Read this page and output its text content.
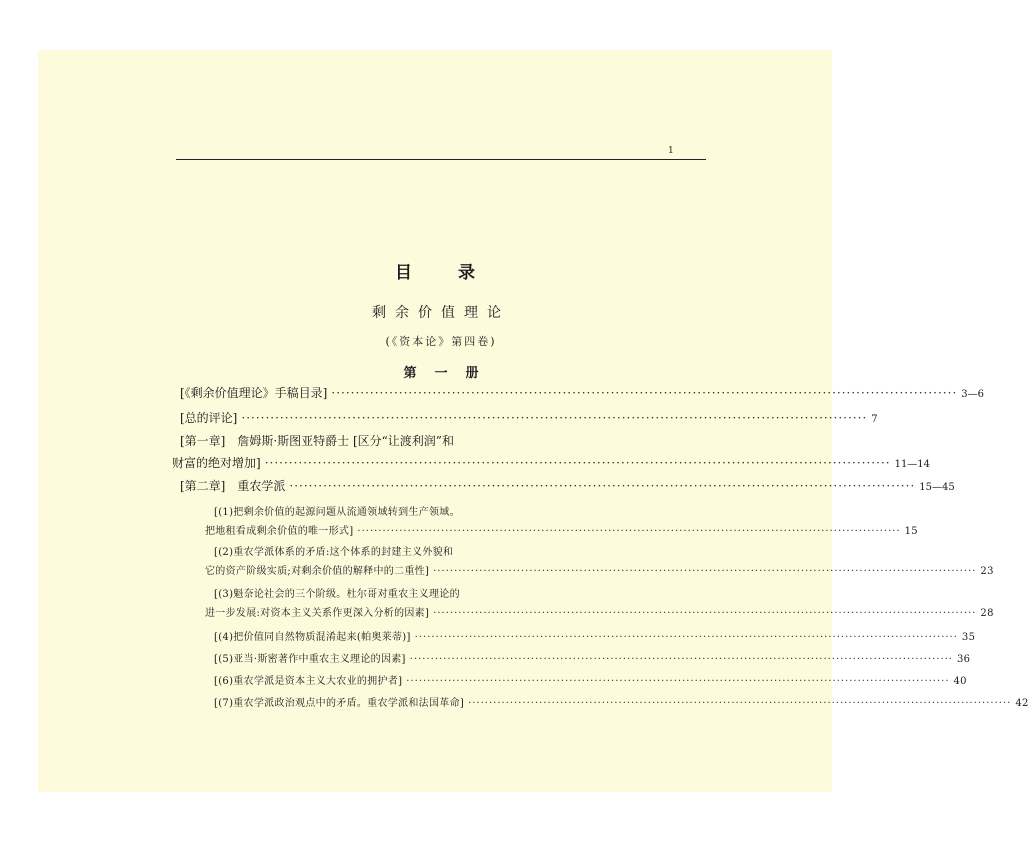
1
目录
剩余价值理论
(《资本论》第四卷)
第一册
[《剩余价值理论》手稿目录] ·································································································································· 3—6
[总的评论] ·································································································································· 7
[第一章]　詹姆斯·斯图亚特爵士 [区分“让渡利润”和
财富的绝对增加] ·································································································································· 11—14
[第二章]　重农学派 ·································································································································· 15—45
[(1)把剩余价值的起源问题从流通领域转到生产领域。
把地租看成剩余价值的唯一形式] ·································································································································· 15
[(2)重农学派体系的矛盾:这个体系的封建主义外貌和
它的资产阶级实质;对剩余价值的解释中的二重性] ·································································································································· 23
[(3)魁奈论社会的三个阶级。杜尔哥对重农主义理论的
进一步发展:对资本主义关系作更深入分析的因素] ·································································································································· 28
[(4)把价值同自然物质混淆起来(帕奥莱蒂)] ·································································································································· 35
[(5)亚当·斯密著作中重农主义理论的因素] ·································································································································· 36
[(6)重农学派是资本主义大农业的拥护者] ·································································································································· 40
[(7)重农学派政治观点中的矛盾。重农学派和法国革命] ·································································································································· 42
